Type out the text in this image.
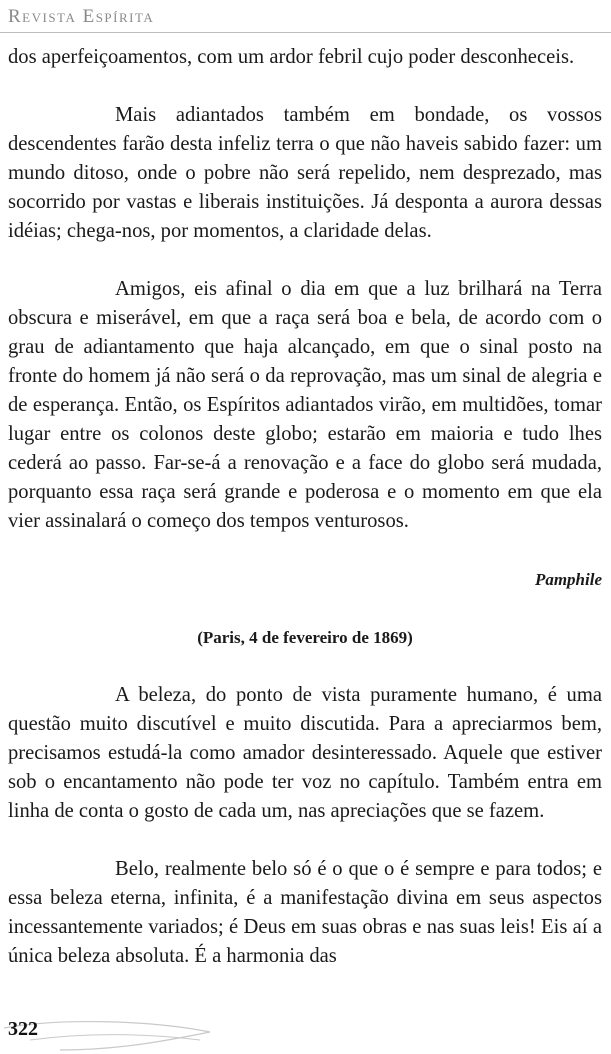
Revista Espírita

dos aperfeiçoamentos, com um ardor febril cujo poder desconheceis.

Mais adiantados também em bondade, os vossos descendentes farão desta infeliz terra o que não haveis sabido fazer: um mundo ditoso, onde o pobre não será repelido, nem desprezado, mas socorrido por vastas e liberais instituições. Já desponta a aurora dessas idéias; chega-nos, por momentos, a claridade delas.

Amigos, eis afinal o dia em que a luz brilhará na Terra obscura e miserável, em que a raça será boa e bela, de acordo com o grau de adiantamento que haja alcançado, em que o sinal posto na fronte do homem já não será o da reprovação, mas um sinal de alegria e de esperança. Então, os Espíritos adiantados virão, em multidões, tomar lugar entre os colonos deste globo; estarão em maioria e tudo lhes cederá ao passo. Far-se-á a renovação e a face do globo será mudada, porquanto essa raça será grande e poderosa e o momento em que ela vier assinalará o começo dos tempos venturosos.

Pamphile

(Paris, 4 de fevereiro de 1869)

A beleza, do ponto de vista puramente humano, é uma questão muito discutível e muito discutida. Para a apreciarmos bem, precisamos estudá-la como amador desinteressado. Aquele que estiver sob o encantamento não pode ter voz no capítulo. Também entra em linha de conta o gosto de cada um, nas apreciações que se fazem.

Belo, realmente belo só é o que o é sempre e para todos; e essa beleza eterna, infinita, é a manifestação divina em seus aspectos incessantemente variados; é Deus em suas obras e nas suas leis! Eis aí a única beleza absoluta. É a harmonia das

322
